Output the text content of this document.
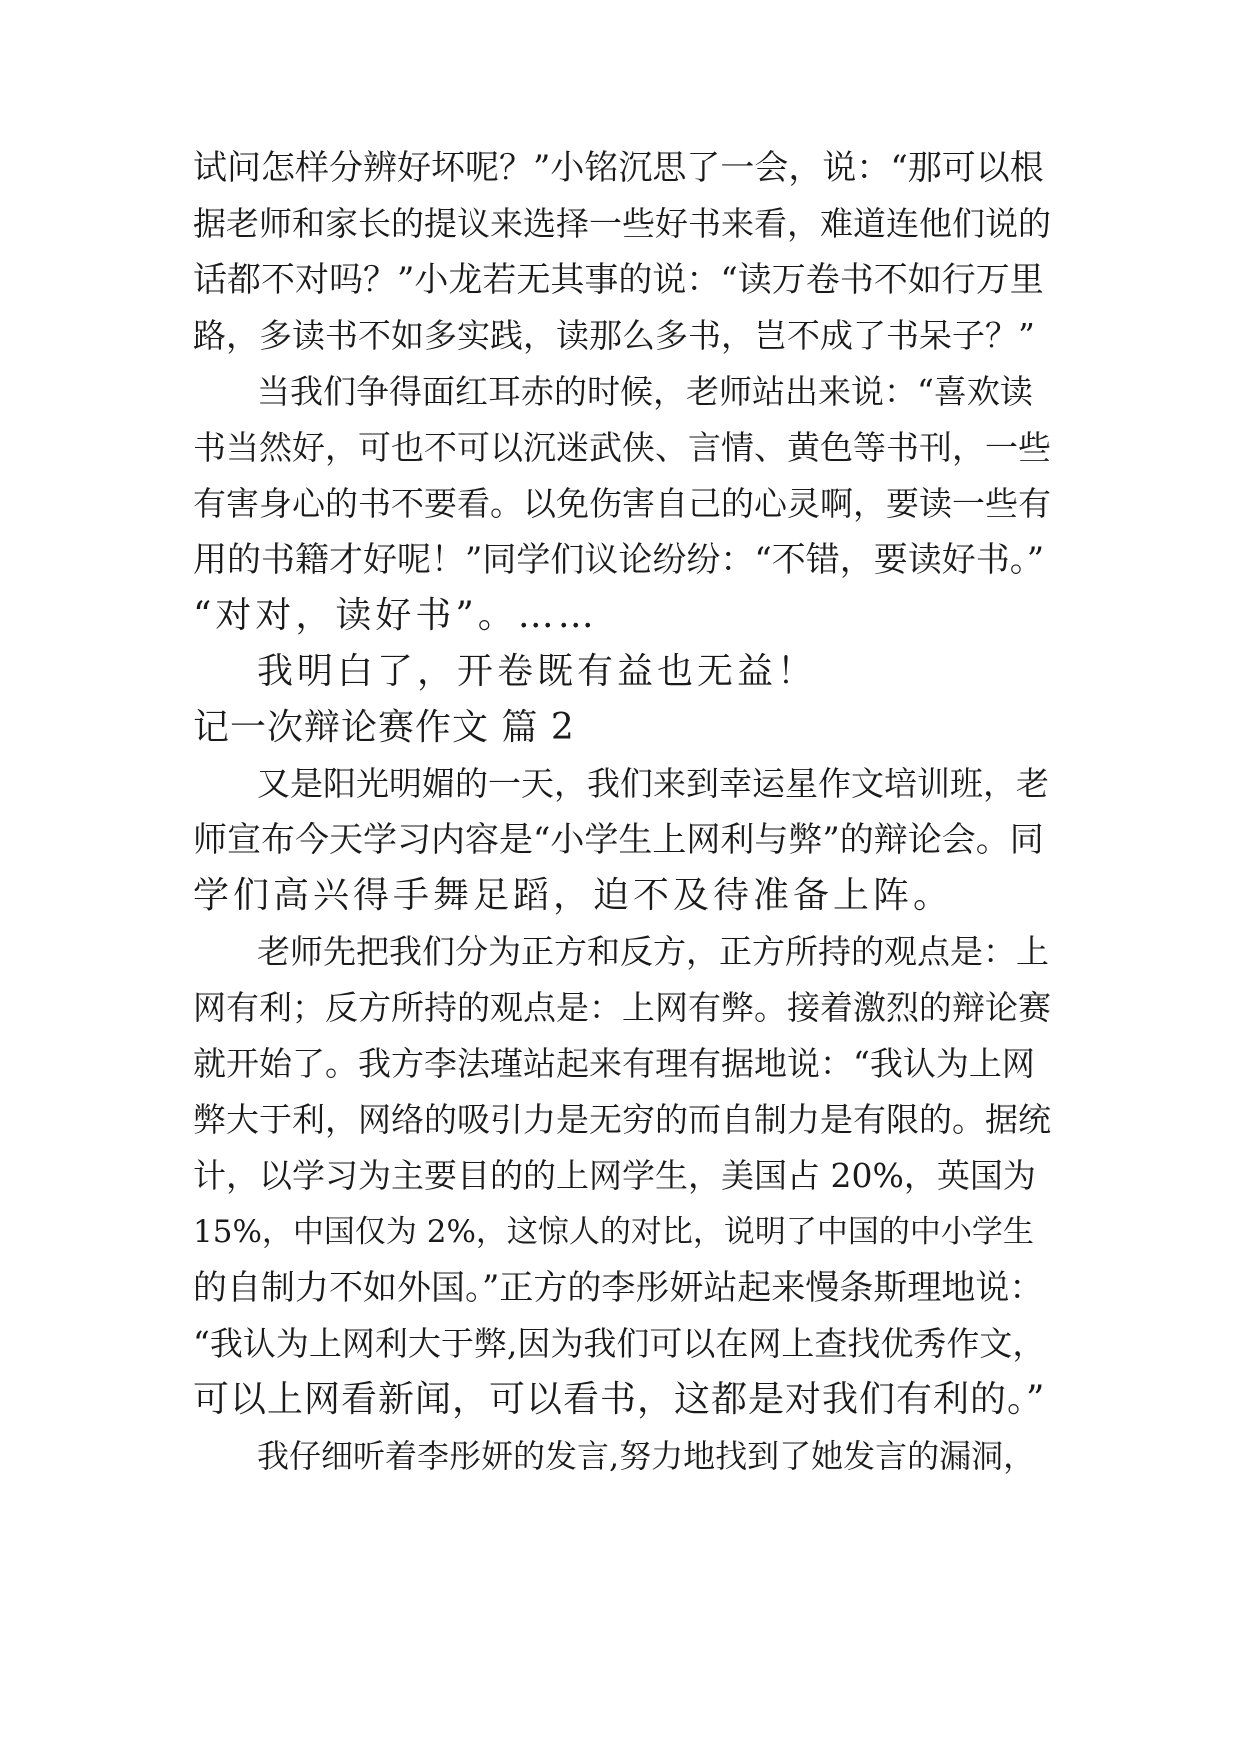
试问怎样分辨好坏呢？”小铭沉思了一会，说：“那可以根
据老师和家长的提议来选择一些好书来看，难道连他们说的
话都不对吗？”小龙若无其事的说：“读万卷书不如行万里
路，多读书不如多实践，读那么多书，岂不成了书呆子？”
当我们争得面红耳赤的时候，老师站出来说：“喜欢读
书当然好，可也不可以沉迷武侠、言情、黄色等书刊，一些
有害身心的书不要看。以免伤害自己的心灵啊，要读一些有
用的书籍才好呢！”同学们议论纷纷：“不错，要读好书。”
“对对，读好书”。……
我明白了，开卷既有益也无益！
记一次辩论赛作文 篇 2
又是阳光明媚的一天，我们来到幸运星作文培训班，老
师宣布今天学习内容是“小学生上网利与弊”的辩论会。同
学们高兴得手舞足蹈，迫不及待准备上阵。
老师先把我们分为正方和反方，正方所持的观点是：上
网有利；反方所持的观点是：上网有弊。接着激烈的辩论赛
就开始了。我方李法瑾站起来有理有据地说：“我认为上网
弊大于利，网络的吸引力是无穷的而自制力是有限的。据统
计，以学习为主要目的的上网学生，美国占 20%，英国为
15%，中国仅为 2%，这惊人的对比，说明了中国的中小学生
的自制力不如外国。”正方的李彤妍站起来慢条斯理地说：
“我认为上网利大于弊,因为我们可以在网上查找优秀作文，
可以上网看新闻，可以看书，这都是对我们有利的。”
我仔细听着李彤妍的发言,努力地找到了她发言的漏洞，
